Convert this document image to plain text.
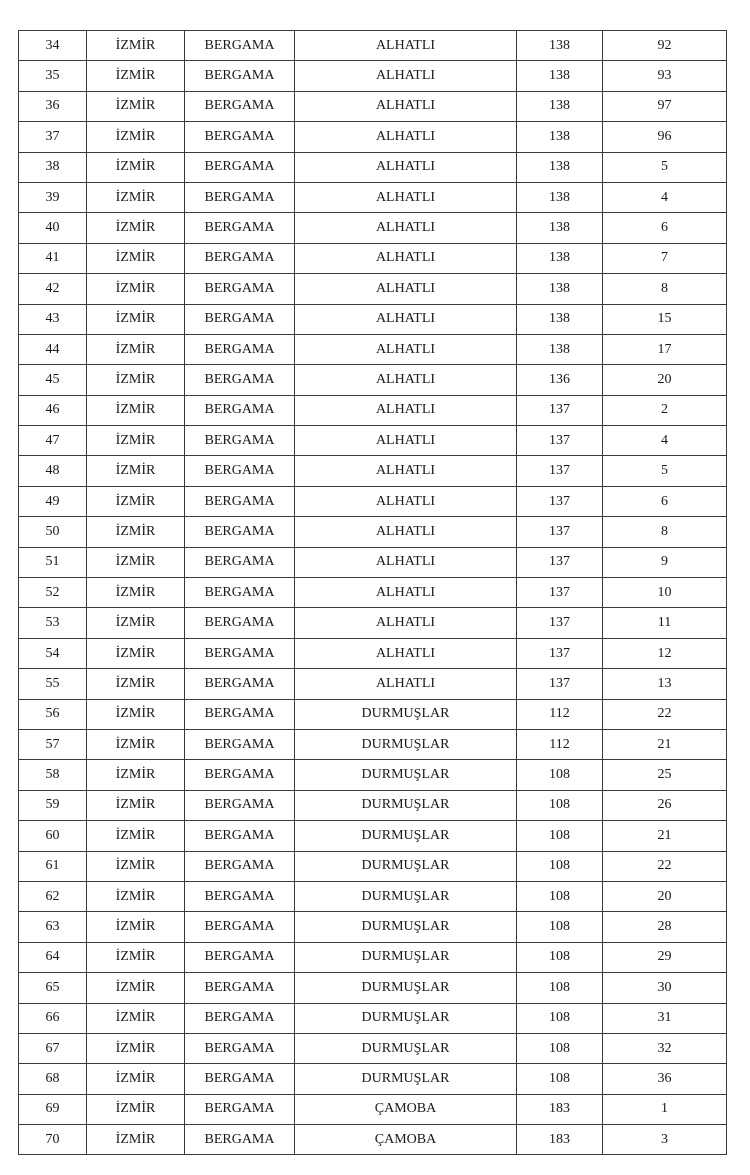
34	İZMİR	BERGAMA	ALHATLI	138	92
35	İZMİR	BERGAMA	ALHATLI	138	93
36	İZMİR	BERGAMA	ALHATLI	138	97
37	İZMİR	BERGAMA	ALHATLI	138	96
38	İZMİR	BERGAMA	ALHATLI	138	5
39	İZMİR	BERGAMA	ALHATLI	138	4
40	İZMİR	BERGAMA	ALHATLI	138	6
41	İZMİR	BERGAMA	ALHATLI	138	7
42	İZMİR	BERGAMA	ALHATLI	138	8
43	İZMİR	BERGAMA	ALHATLI	138	15
44	İZMİR	BERGAMA	ALHATLI	138	17
45	İZMİR	BERGAMA	ALHATLI	136	20
46	İZMİR	BERGAMA	ALHATLI	137	2
47	İZMİR	BERGAMA	ALHATLI	137	4
48	İZMİR	BERGAMA	ALHATLI	137	5
49	İZMİR	BERGAMA	ALHATLI	137	6
50	İZMİR	BERGAMA	ALHATLI	137	8
51	İZMİR	BERGAMA	ALHATLI	137	9
52	İZMİR	BERGAMA	ALHATLI	137	10
53	İZMİR	BERGAMA	ALHATLI	137	11
54	İZMİR	BERGAMA	ALHATLI	137	12
55	İZMİR	BERGAMA	ALHATLI	137	13
56	İZMİR	BERGAMA	DURMUŞLAR	112	22
57	İZMİR	BERGAMA	DURMUŞLAR	112	21
58	İZMİR	BERGAMA	DURMUŞLAR	108	25
59	İZMİR	BERGAMA	DURMUŞLAR	108	26
60	İZMİR	BERGAMA	DURMUŞLAR	108	21
61	İZMİR	BERGAMA	DURMUŞLAR	108	22
62	İZMİR	BERGAMA	DURMUŞLAR	108	20
63	İZMİR	BERGAMA	DURMUŞLAR	108	28
64	İZMİR	BERGAMA	DURMUŞLAR	108	29
65	İZMİR	BERGAMA	DURMUŞLAR	108	30
66	İZMİR	BERGAMA	DURMUŞLAR	108	31
67	İZMİR	BERGAMA	DURMUŞLAR	108	32
68	İZMİR	BERGAMA	DURMUŞLAR	108	36
69	İZMİR	BERGAMA	ÇAMOBA	183	1
70	İZMİR	BERGAMA	ÇAMOBA	183	3
